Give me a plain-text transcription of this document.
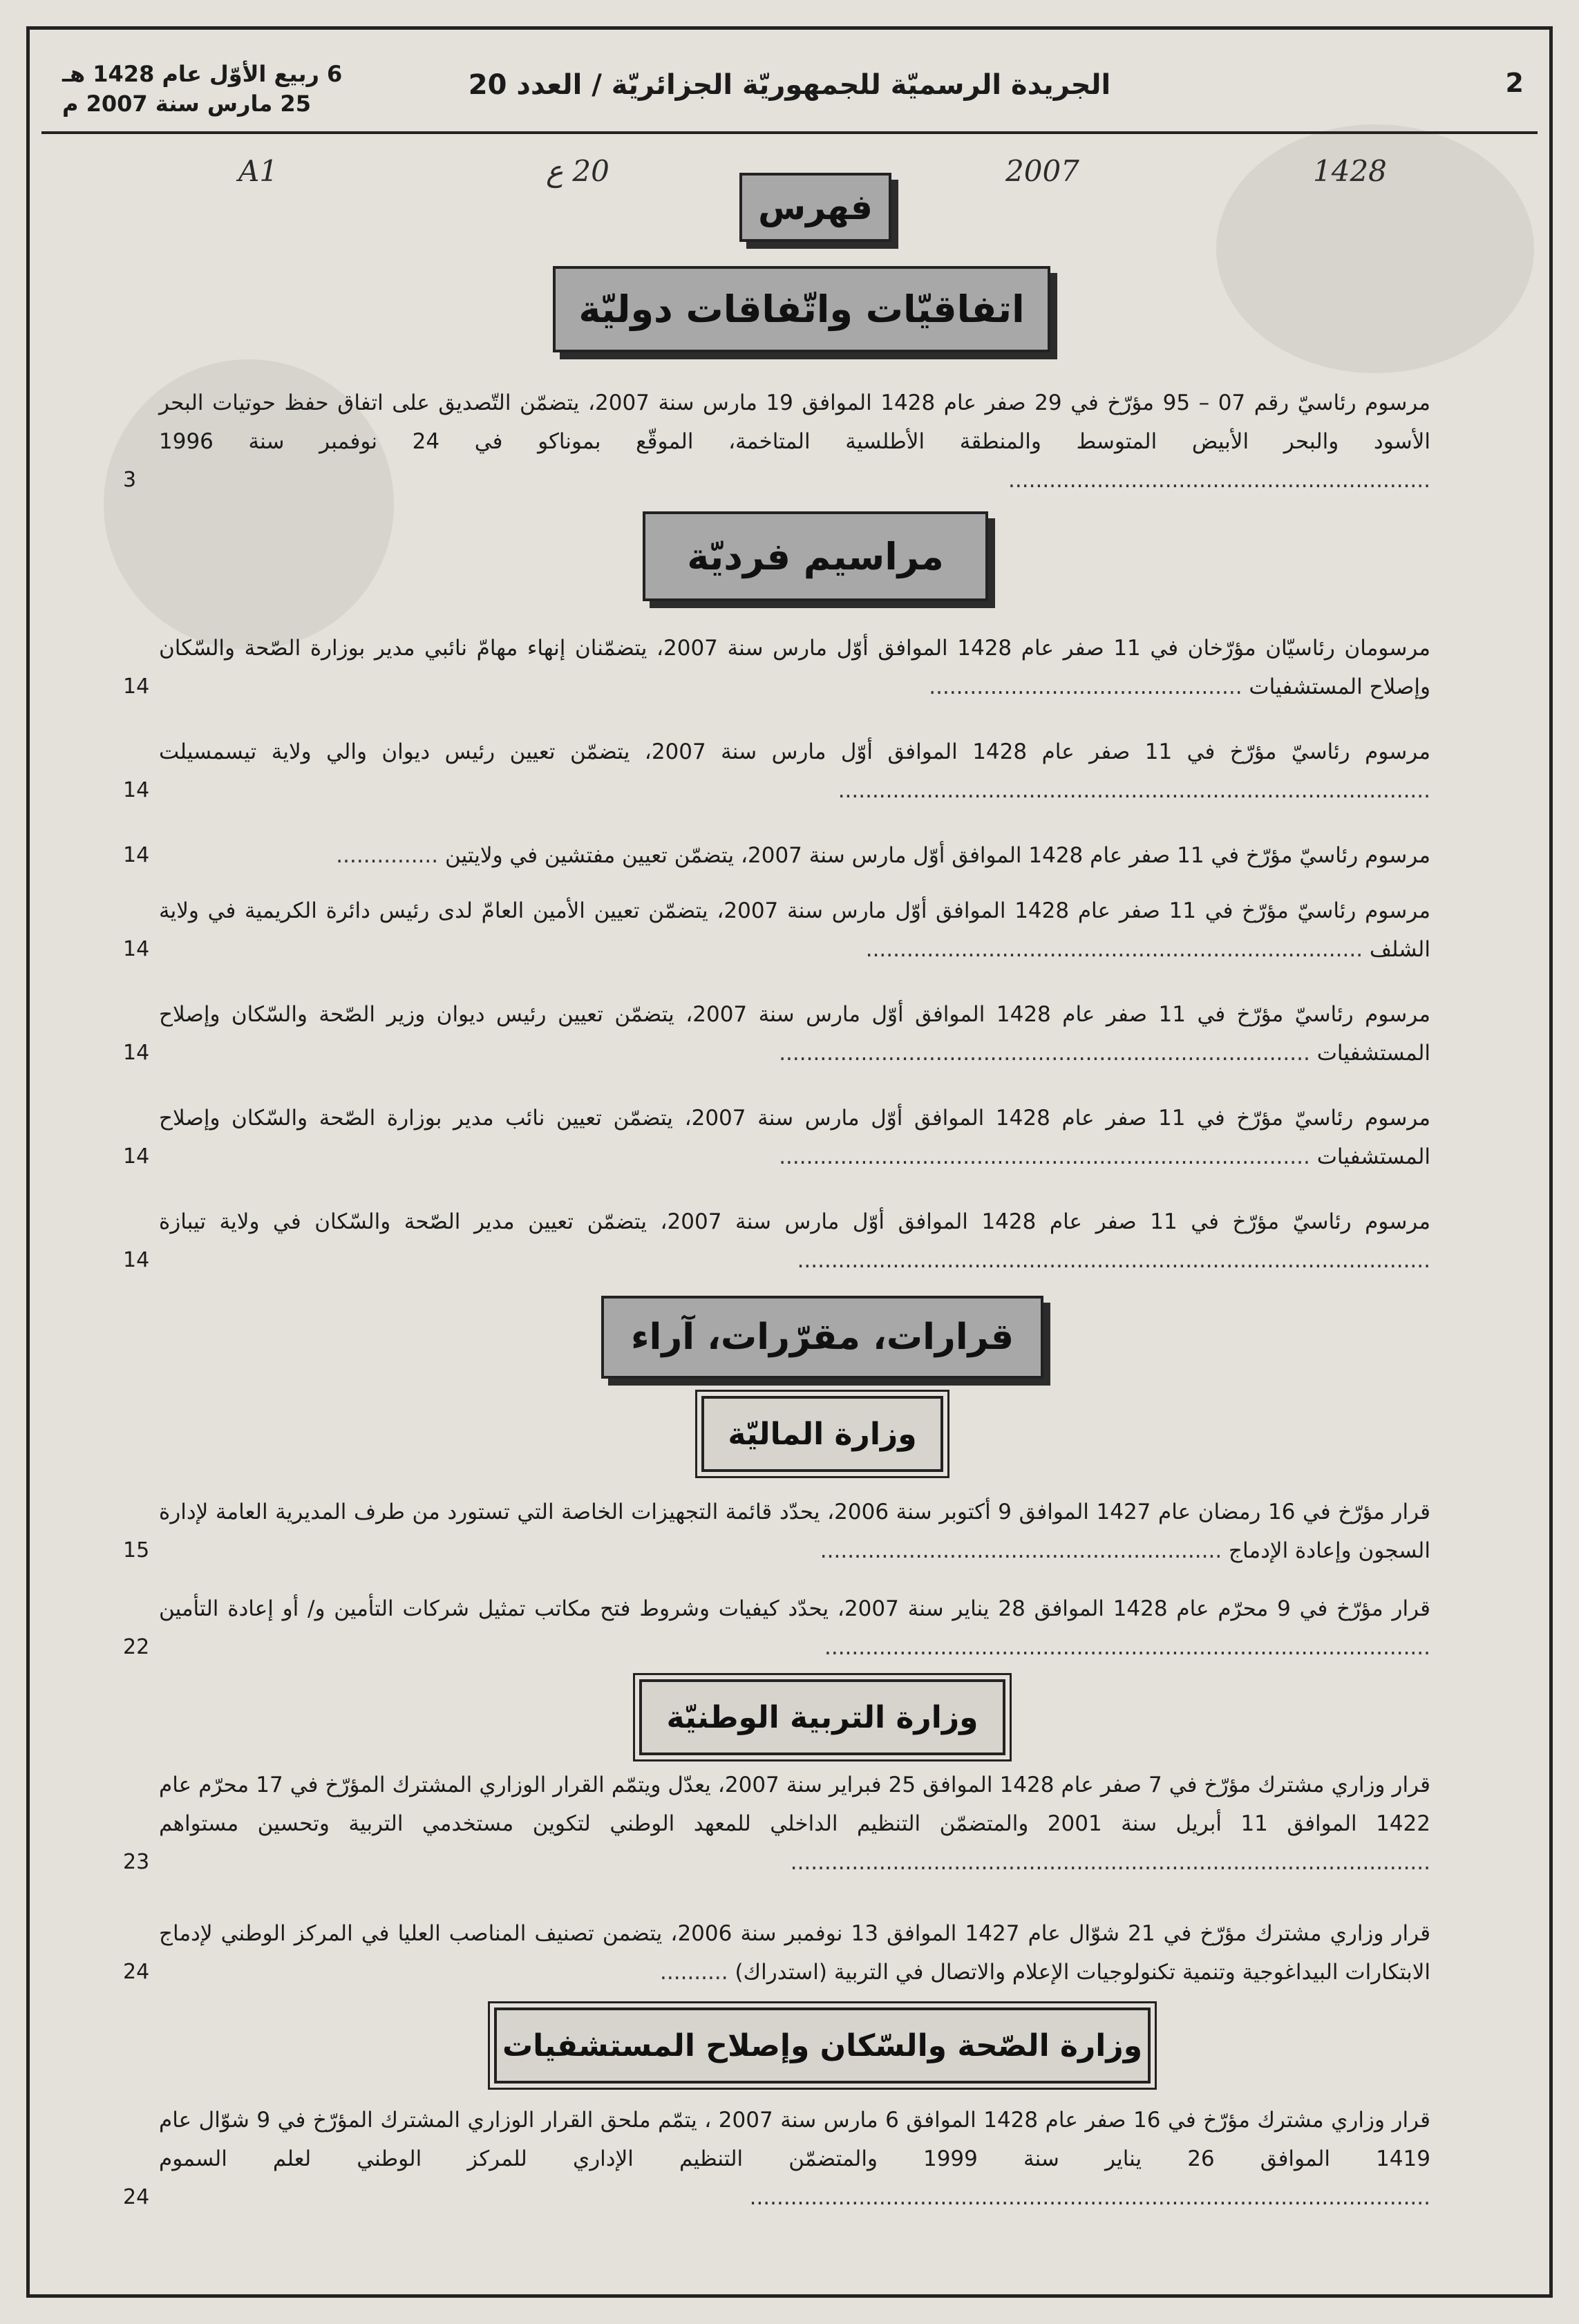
2
الجريدة الرسميّة للجمهوريّة الجزائريّة / العدد 20
6 ربيع الأوّل عام 1428 هـ
25 مارس سنة 2007 م
A1	20 ع	2007	1428
فهرس
اتفاقيّات واتّفاقات دوليّة
مرسوم رئاسيّ رقم 07 – 95 مؤرّخ في 29 صفر عام 1428 الموافق 19 مارس سنة 2007، يتضمّن التّصديق على اتفاق حفظ حوتيات البحر الأسود والبحر الأبيض المتوسط والمنطقة الأطلسية المتاخمة، الموقّع بموناكو في 24 نوفمبر سنة 1996 ..............................................................
3
مراسيم فرديّة
مرسومان رئاسيّان مؤرّخان في 11 صفر عام 1428 الموافق أوّل مارس سنة 2007، يتضمّنان إنهاء مهامّ نائبي مدير بوزارة الصّحة والسّكان وإصلاح المستشفيات ..............................................
14
مرسوم رئاسيّ مؤرّخ في 11 صفر عام 1428 الموافق أوّل مارس سنة 2007، يتضمّن تعيين رئيس ديوان والي ولاية تيسمسيلت .......................................................................................
14
مرسوم رئاسيّ مؤرّخ في 11 صفر عام 1428 الموافق أوّل مارس سنة 2007، يتضمّن تعيين مفتشين في ولايتين ...............
14
مرسوم رئاسيّ مؤرّخ في 11 صفر عام 1428 الموافق أوّل مارس سنة 2007، يتضمّن تعيين الأمين العامّ لدى رئيس دائرة الكريمية في ولاية الشلف .........................................................................
14
مرسوم رئاسيّ مؤرّخ في 11 صفر عام 1428 الموافق أوّل مارس سنة 2007، يتضمّن تعيين رئيس ديوان وزير الصّحة والسّكان وإصلاح المستشفيات ..............................................................................
14
مرسوم رئاسيّ مؤرّخ في 11 صفر عام 1428 الموافق أوّل مارس سنة 2007، يتضمّن تعيين نائب مدير بوزارة الصّحة والسّكان وإصلاح المستشفيات ..............................................................................
14
مرسوم رئاسيّ مؤرّخ في 11 صفر عام 1428 الموافق أوّل مارس سنة 2007، يتضمّن تعيين مدير الصّحة والسّكان في ولاية تيبازة .............................................................................................
14
قرارات، مقرّرات، آراء
وزارة الماليّة
قرار مؤرّخ في 16 رمضان عام 1427 الموافق 9 أكتوبر سنة 2006، يحدّد قائمة التجهيزات الخاصة التي تستورد من طرف المديرية العامة لإدارة السجون وإعادة الإدماج ...........................................................
15
قرار مؤرّخ في 9 محرّم عام 1428 الموافق 28 يناير سنة 2007، يحدّد كيفيات وشروط فتح مكاتب تمثيل شركات التأمين و/ أو إعادة التأمين .........................................................................................
22
وزارة التربية الوطنيّة
قرار وزاري مشترك مؤرّخ في 7 صفر عام 1428 الموافق 25 فبراير سنة 2007، يعدّل ويتمّم القرار الوزاري المشترك المؤرّخ في 17 محرّم عام 1422 الموافق 11 أبريل سنة 2001 والمتضمّن التنظيم الداخلي للمعهد الوطني لتكوين مستخدمي التربية وتحسين مستواهم ..............................................................................................
23
قرار وزاري مشترك مؤرّخ في 21 شوّال عام 1427 الموافق 13 نوفمبر سنة 2006، يتضمن تصنيف المناصب العليا في المركز الوطني لإدماج الابتكارات البيداغوجية وتنمية تكنولوجيات الإعلام والاتصال في التربية (استدراك) ..........
24
وزارة الصّحة والسّكان وإصلاح المستشفيات
قرار وزاري مشترك مؤرّخ في 16 صفر عام 1428 الموافق 6 مارس سنة 2007 ، يتمّم ملحق القرار الوزاري المشترك المؤرّخ في 9 شوّال عام 1419 الموافق 26 يناير سنة 1999 والمتضمّن التنظيم الإداري للمركز الوطني لعلم السموم ....................................................................................................
24
